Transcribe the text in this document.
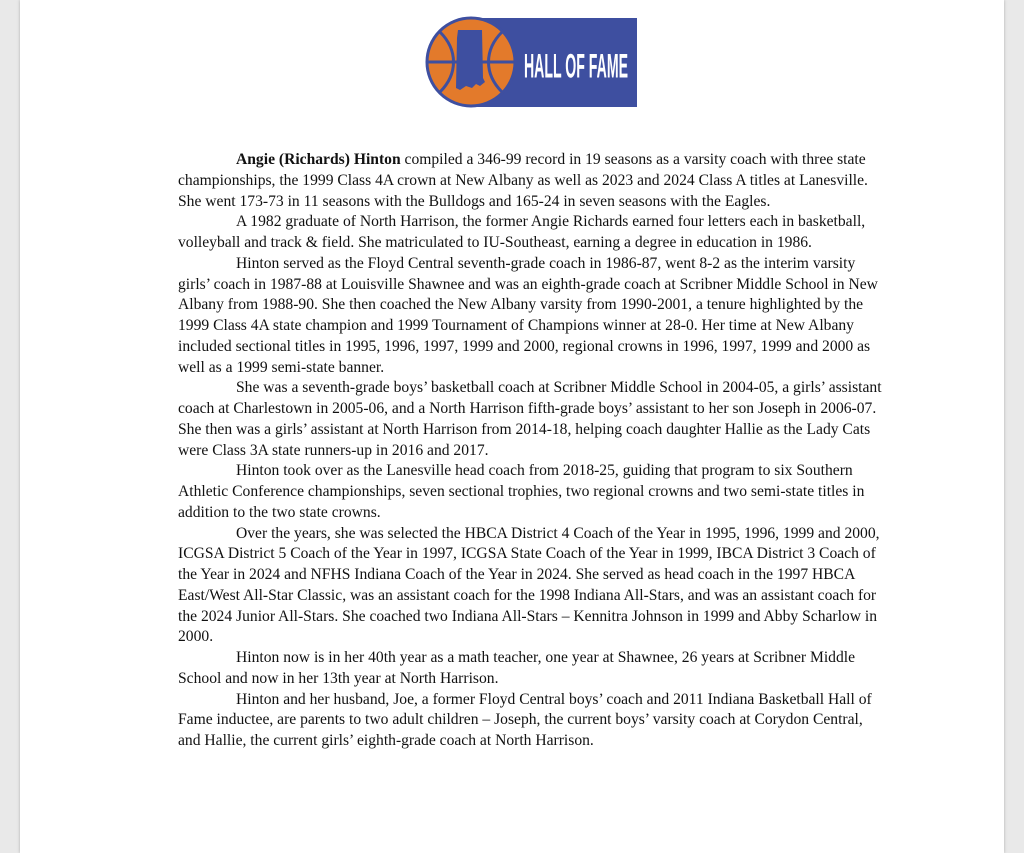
HALL OF FAME

Angie (Richards) Hinton compiled a 346-99 record in 19 seasons as a varsity coach with three state championships, the 1999 Class 4A crown at New Albany as well as 2023 and 2024 Class A titles at Lanesville. She went 173-73 in 11 seasons with the Bulldogs and 165-24 in seven seasons with the Eagles.

A 1982 graduate of North Harrison, the former Angie Richards earned four letters each in basketball, volleyball and track & field. She matriculated to IU-Southeast, earning a degree in education in 1986.

Hinton served as the Floyd Central seventh-grade coach in 1986-87, went 8-2 as the interim varsity girls’ coach in 1987-88 at Louisville Shawnee and was an eighth-grade coach at Scribner Middle School in New Albany from 1988-90. She then coached the New Albany varsity from 1990-2001, a tenure highlighted by the 1999 Class 4A state champion and 1999 Tournament of Champions winner at 28-0. Her time at New Albany included sectional titles in 1995, 1996, 1997, 1999 and 2000, regional crowns in 1996, 1997, 1999 and 2000 as well as a 1999 semi-state banner.

She was a seventh-grade boys’ basketball coach at Scribner Middle School in 2004-05, a girls’ assistant coach at Charlestown in 2005-06, and a North Harrison fifth-grade boys’ assistant to her son Joseph in 2006-07. She then was a girls’ assistant at North Harrison from 2014-18, helping coach daughter Hallie as the Lady Cats were Class 3A state runners-up in 2016 and 2017.

Hinton took over as the Lanesville head coach from 2018-25, guiding that program to six Southern Athletic Conference championships, seven sectional trophies, two regional crowns and two semi-state titles in addition to the two state crowns.

Over the years, she was selected the HBCA District 4 Coach of the Year in 1995, 1996, 1999 and 2000, ICGSA District 5 Coach of the Year in 1997, ICGSA State Coach of the Year in 1999, IBCA District 3 Coach of the Year in 2024 and NFHS Indiana Coach of the Year in 2024. She served as head coach in the 1997 HBCA East/West All-Star Classic, was an assistant coach for the 1998 Indiana All-Stars, and was an assistant coach for the 2024 Junior All-Stars. She coached two Indiana All-Stars – Kennitra Johnson in 1999 and Abby Scharlow in 2000.

Hinton now is in her 40th year as a math teacher, one year at Shawnee, 26 years at Scribner Middle School and now in her 13th year at North Harrison.

Hinton and her husband, Joe, a former Floyd Central boys’ coach and 2011 Indiana Basketball Hall of Fame inductee, are parents to two adult children – Joseph, the current boys’ varsity coach at Corydon Central, and Hallie, the current girls’ eighth-grade coach at North Harrison.
